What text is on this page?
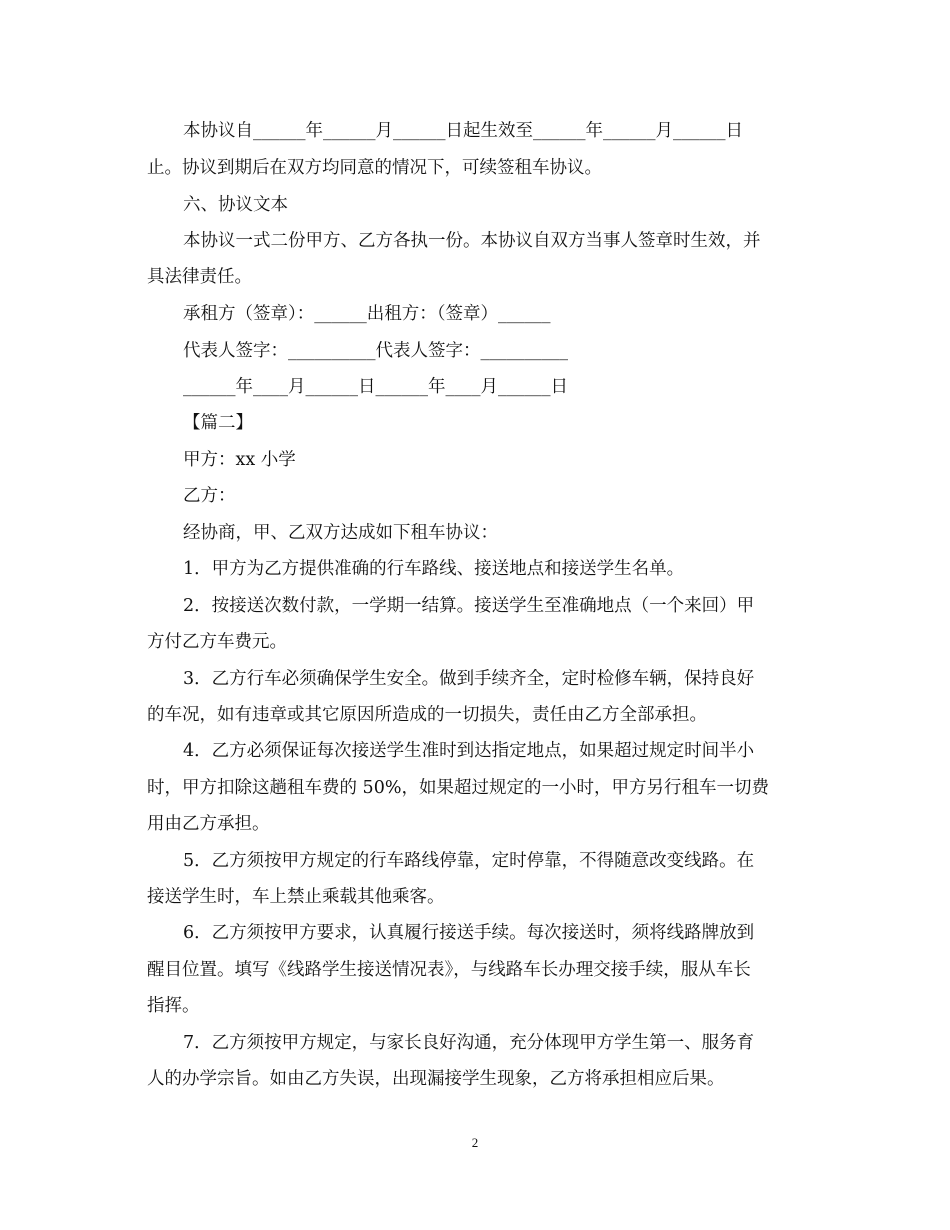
本协议自______年______月______日起生效至______年______月______日
止。协议到期后在双方均同意的情况下，可续签租车协议。
六、协议文本
本协议一式二份甲方、乙方各执一份。本协议自双方当事人签章时生效，并
具法律责任。
承租方（签章）：______出租方：（签章）______
代表人签字：__________代表人签字：__________
______年____月______日______年____月______日
【篇二】
甲方：xx 小学
乙方：
经协商，甲、乙双方达成如下租车协议：
1．甲方为乙方提供准确的行车路线、接送地点和接送学生名单。
2．按接送次数付款，一学期一结算。接送学生至准确地点（一个来回）甲
方付乙方车费元。
3．乙方行车必须确保学生安全。做到手续齐全，定时检修车辆，保持良好
的车况，如有违章或其它原因所造成的一切损失，责任由乙方全部承担。
4．乙方必须保证每次接送学生准时到达指定地点，如果超过规定时间半小
时，甲方扣除这趟租车费的 50%，如果超过规定的一小时，甲方另行租车一切费
用由乙方承担。
5．乙方须按甲方规定的行车路线停靠，定时停靠，不得随意改变线路。在
接送学生时，车上禁止乘载其他乘客。
6．乙方须按甲方要求，认真履行接送手续。每次接送时，须将线路牌放到
醒目位置。填写《线路学生接送情况表》，与线路车长办理交接手续，服从车长
指挥。
7．乙方须按甲方规定，与家长良好沟通，充分体现甲方学生第一、服务育
人的办学宗旨。如由乙方失误，出现漏接学生现象，乙方将承担相应后果。
2
